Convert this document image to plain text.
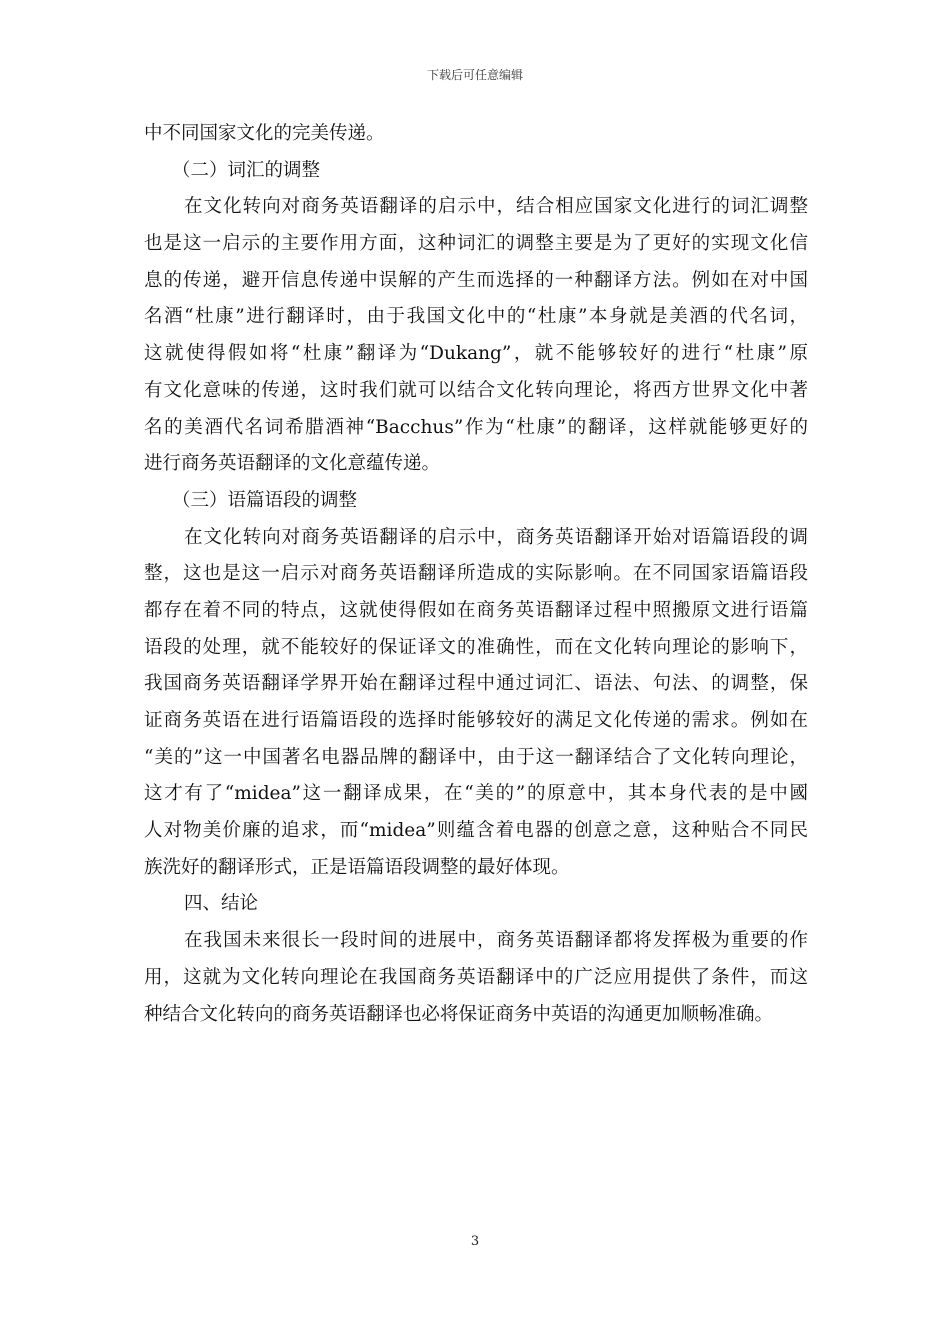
下载后可任意编辑
中不同国家文化的完美传递。
（二）词汇的调整
在文化转向对商务英语翻译的启示中，结合相应国家文化进行的词汇调整
也是这一启示的主要作用方面，这种词汇的调整主要是为了更好的实现文化信
息的传递，避开信息传递中误解的产生而选择的一种翻译方法。例如在对中国
名酒“杜康”进行翻译时，由于我国文化中的“杜康”本身就是美酒的代名词，
这就使得假如将“杜康”翻译为“Dukang”，就不能够较好的进行“杜康”原
有文化意味的传递，这时我们就可以结合文化转向理论，将西方世界文化中著
名的美酒代名词希腊酒神“Bacchus”作为“杜康”的翻译，这样就能够更好的
进行商务英语翻译的文化意蕴传递。
（三）语篇语段的调整
在文化转向对商务英语翻译的启示中，商务英语翻译开始对语篇语段的调
整，这也是这一启示对商务英语翻译所造成的实际影响。在不同国家语篇语段
都存在着不同的特点，这就使得假如在商务英语翻译过程中照搬原文进行语篇
语段的处理，就不能较好的保证译文的准确性，而在文化转向理论的影响下，
我国商务英语翻译学界开始在翻译过程中通过词汇、语法、句法、的调整，保
证商务英语在进行语篇语段的选择时能够较好的满足文化传递的需求。例如在
“美的”这一中国著名电器品牌的翻译中，由于这一翻译结合了文化转向理论，
这才有了“midea”这一翻译成果，在“美的”的原意中，其本身代表的是中國
人对物美价廉的追求，而“midea”则蕴含着电器的创意之意，这种贴合不同民
族洗好的翻译形式，正是语篇语段调整的最好体现。
四、结论
在我国未来很长一段时间的进展中，商务英语翻译都将发挥极为重要的作
用，这就为文化转向理论在我国商务英语翻译中的广泛应用提供了条件，而这
种结合文化转向的商务英语翻译也必将保证商务中英语的沟通更加顺畅准确。
3
